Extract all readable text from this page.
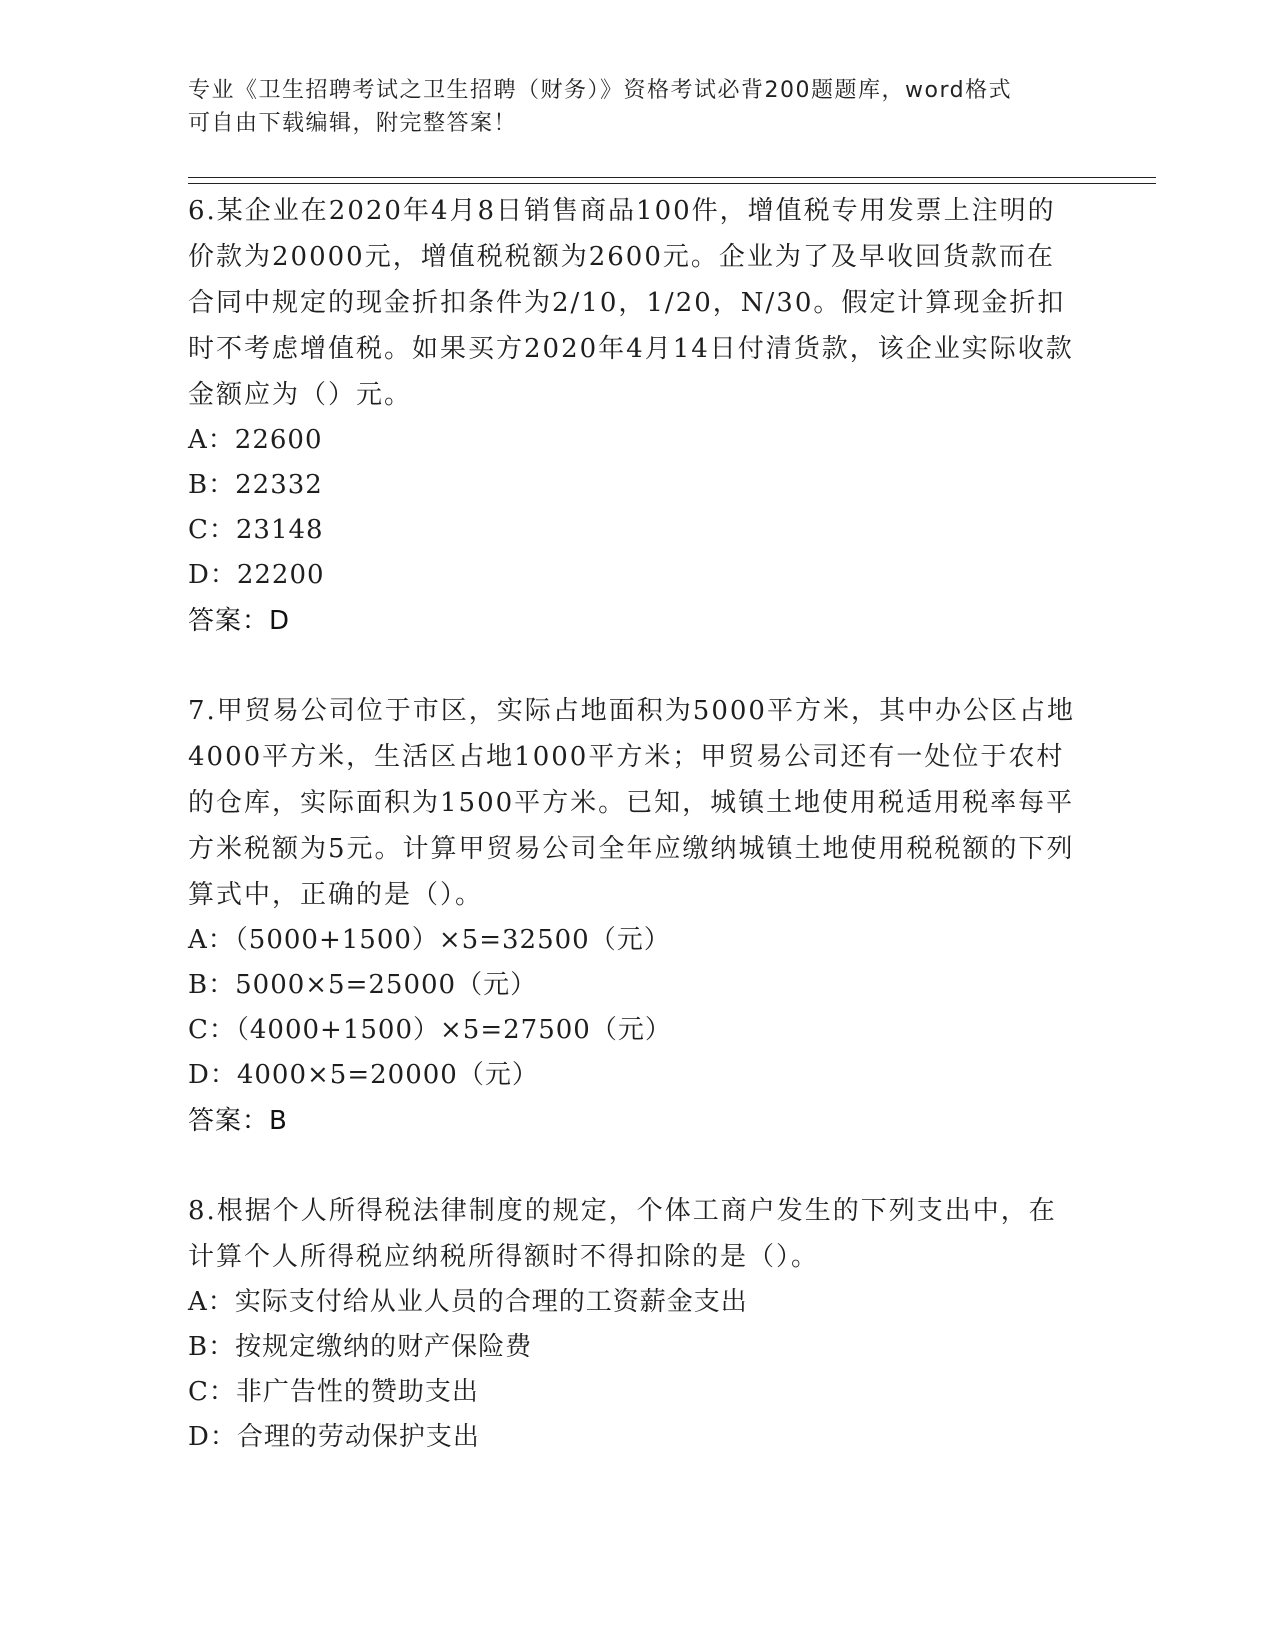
专业《卫生招聘考试之卫生招聘（财务）》资格考试必背200题题库，word格式
可自由下载编辑，附完整答案！

6.某企业在2020年4月8日销售商品100件，增值税专用发票上注明的价款为20000元，增值税税额为2600元。企业为了及早收回货款而在合同中规定的现金折扣条件为2/10，1/20，N/30。假定计算现金折扣时不考虑增值税。如果买方2020年4月14日付清货款，该企业实际收款金额应为（）元。

A：22600

B：22332

C：23148

D：22200

答案：D

7.甲贸易公司位于市区，实际占地面积为5000平方米，其中办公区占地4000平方米，生活区占地1000平方米；甲贸易公司还有一处位于农村的仓库，实际面积为1500平方米。已知，城镇土地使用税适用税率每平方米税额为5元。计算甲贸易公司全年应缴纳城镇土地使用税税额的下列算式中，正确的是（）。

A：（5000+1500）×5=32500（元）

B：5000×5=25000（元）

C：（4000+1500）×5=27500（元）

D：4000×5=20000（元）

答案：B

8.根据个人所得税法律制度的规定，个体工商户发生的下列支出中，在计算个人所得税应纳税所得额时不得扣除的是（）。

A：实际支付给从业人员的合理的工资薪金支出

B：按规定缴纳的财产保险费

C：非广告性的赞助支出

D：合理的劳动保护支出
